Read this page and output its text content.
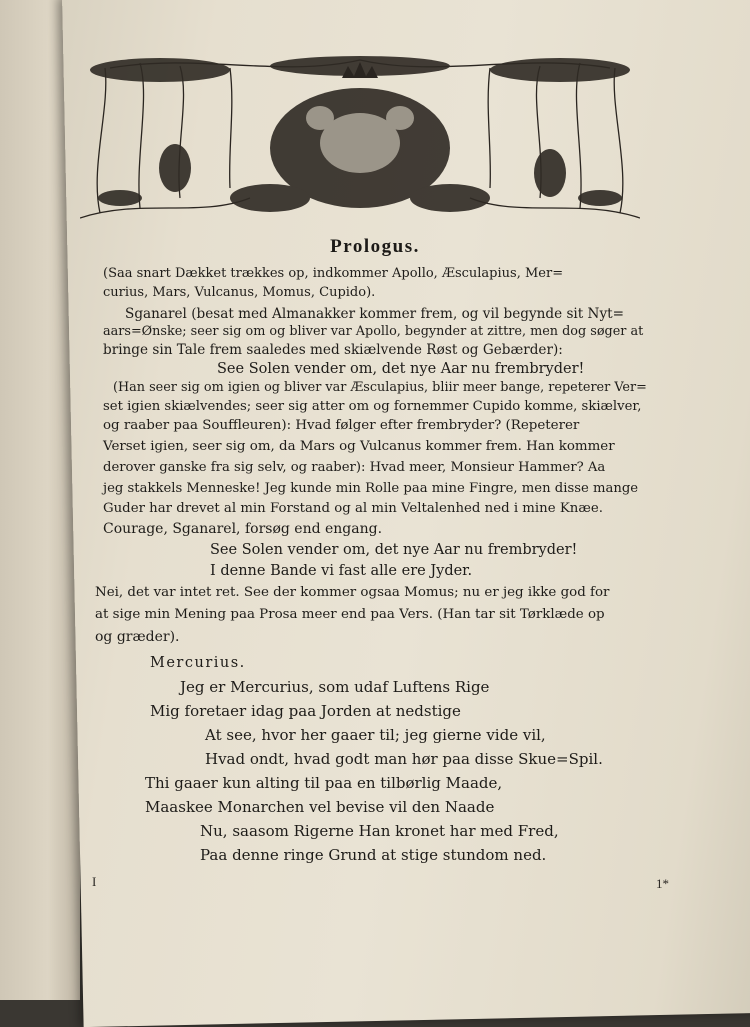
Prologus.
(Saa snart Dækket trækkes op, indkommer Apollo, Æsculapius, Mer=
curius, Mars, Vulcanus, Momus, Cupido).
Sganarel (besat med Almanakker kommer frem, og vil begynde sit Nyt=
aars=Ønske; seer sig om og bliver var Apollo, begynder at zittre, men dog søger at
bringe sin Tale frem saaledes med skiælvende Røst og Gebærder):
See Solen vender om, det nye Aar nu frembryder!
(Han seer sig om igien og bliver var Æsculapius, bliir meer bange, repeterer Ver=
set igien skiælvendes; seer sig atter om og fornemmer Cupido komme, skiælver,
og raaber paa Souffleuren): Hvad følger efter frembryder? (Repeterer
Verset igien, seer sig om, da Mars og Vulcanus kommer frem. Han kommer
derover ganske fra sig selv, og raaber): Hvad meer, Monsieur Hammer? Aa
jeg stakkels Menneske! Jeg kunde min Rolle paa mine Fingre, men disse mange
Guder har drevet al min Forstand og al min Veltalenhed ned i mine Knæe.
Courage, Sganarel, forsøg end engang.
See Solen vender om, det nye Aar nu frembryder!
I denne Bande vi fast alle ere Jyder.
Nei, det var intet ret. See der kommer ogsaa Momus; nu er jeg ikke god for
at sige min Mening paa Prosa meer end paa Vers. (Han tar sit Tørklæde op
og græder).
Mercurius.
Jeg er Mercurius, som udaf Luftens Rige
Mig foretaer idag paa Jorden at nedstige
At see, hvor her gaaer til; jeg gierne vide vil,
Hvad ondt, hvad godt man hør paa disse Skue=Spil.
Thi gaaer kun alting til paa en tilbørlig Maade,
Maaskee Monarchen vel bevise vil den Naade
Nu, saasom Rigerne Han kronet har med Fred,
Paa denne ringe Grund at stige stundom ned.
I	1*
